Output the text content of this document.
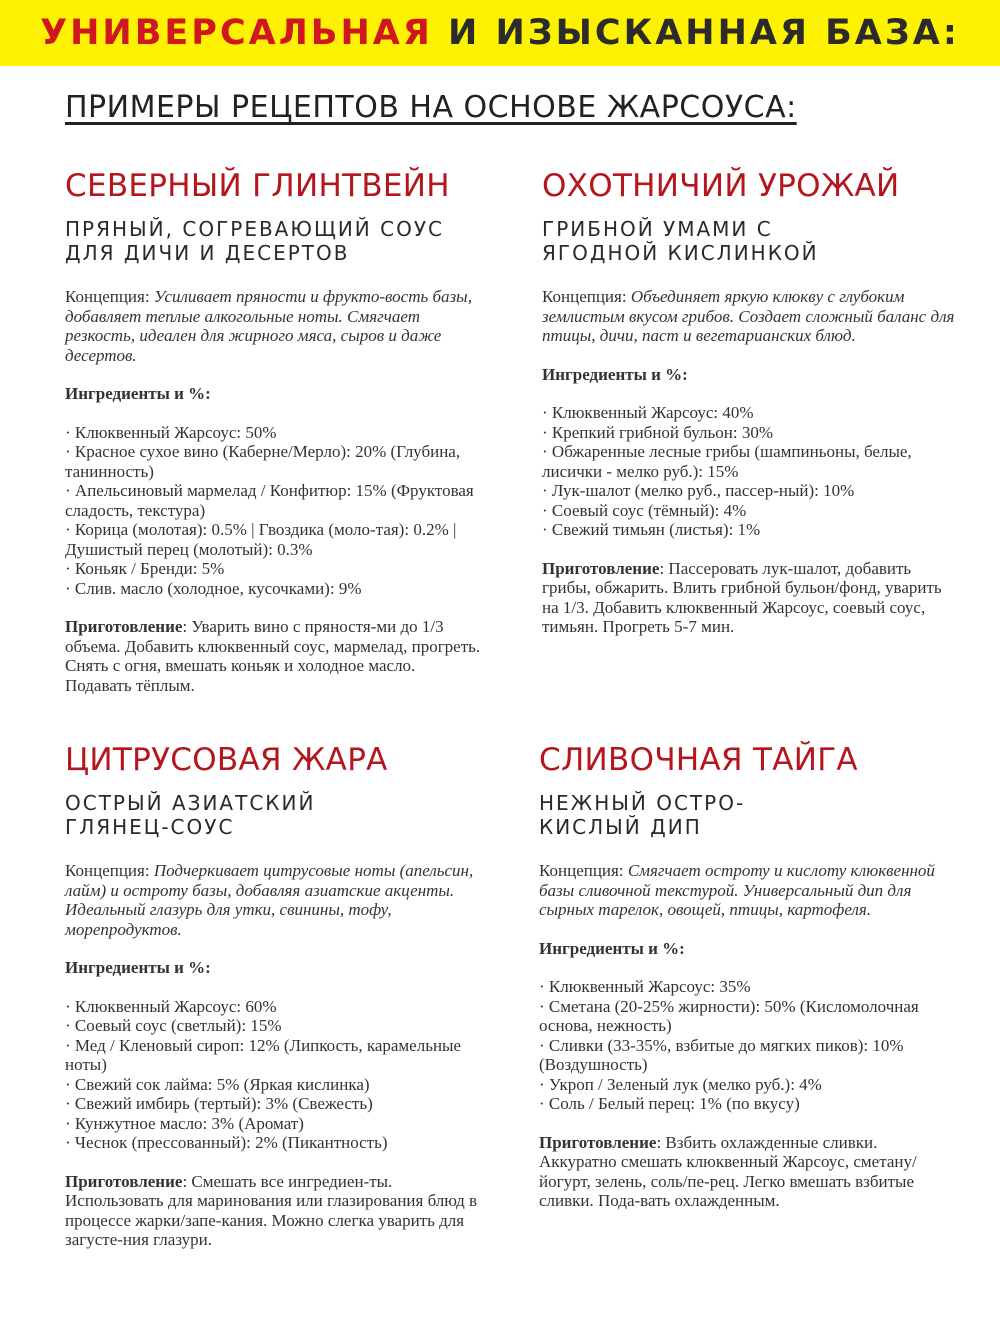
УНИВЕРСАЛЬНАЯ
И ИЗЫСКАННАЯ БАЗА:
ПРИМЕРЫ РЕЦЕПТОВ НА ОСНОВЕ ЖАРСОУСА:
СЕВЕРНЫЙ ГЛИНТВЕЙН
ПРЯНЫЙ, СОГРЕВАЮЩИЙ СОУС
ДЛЯ ДИЧИ И ДЕСЕРТОВ

Концепция: Усиливает пряности и фрукто-вость базы, добавляет теплые алкогольные ноты. Смягчает резкость, идеален для жирного мяса, сыров и даже десертов.

Ингредиенты и %:

· Клюквенный Жарсоус: 50%
· Красное сухое вино (Каберне/Мерло): 20% (Глубина, танинность)
· Апельсиновый мармелад / Конфитюр: 15% (Фруктовая сладость, текстура)
· Корица (молотая): 0.5% | Гвоздика (моло-тая): 0.2% | Душистый перец (молотый): 0.3%
· Коньяк / Бренди: 5%
· Слив. масло (холодное, кусочками): 9%

Приготовление: Уварить вино с пряностя-ми до 1/3 объема. Добавить клюквенный соус, мармелад, прогреть. Снять с огня, вмешать коньяк и холодное масло. Подавать тёплым.

ОХОТНИЧИЙ УРОЖАЙ
ГРИБНОЙ УМАМИ С
ЯГОДНОЙ КИСЛИНКОЙ

Концепция: Объединяет яркую клюкву с глубоким землистым вкусом грибов. Создает сложный баланс для птицы, дичи, паст и вегетарианских блюд.

Ингредиенты и %:

· Клюквенный Жарсоус: 40%
· Крепкий грибной бульон: 30%
· Обжаренные лесные грибы (шампиньоны, белые, лисички - мелко руб.): 15%
· Лук-шалот (мелко руб., пассер-ный): 10%
· Соевый соус (тёмный): 4%
· Свежий тимьян (листья): 1%

Приготовление: Пассеровать лук-шалот, добавить грибы, обжарить. Влить грибной бульон/фонд, уварить на 1/3. Добавить клюквенный Жарсоус, соевый соус, тимьян. Прогреть 5-7 мин.

ЦИТРУСОВАЯ ЖАРА
ОСТРЫЙ АЗИАТСКИЙ
ГЛЯНЕЦ-СОУС

Концепция: Подчеркивает цитрусовые ноты (апельсин, лайм) и остроту базы, добавляя азиатские акценты. Идеальный глазурь для утки, свинины, тофу, морепродуктов.

Ингредиенты и %:

· Клюквенный Жарсоус: 60%
· Соевый соус (светлый): 15%
· Мед / Кленовый сироп: 12% (Липкость, карамельные ноты)
· Свежий сок лайма: 5% (Яркая кислинка)
· Свежий имбирь (тертый): 3% (Свежесть)
· Кунжутное масло: 3% (Аромат)
· Чеснок (прессованный): 2% (Пикантность)

Приготовление: Смешать все ингредиен-ты. Использовать для маринования или глазирования блюд в процессе жарки/запе-кания. Можно слегка уварить для загусте-ния глазури.

СЛИВОЧНАЯ ТАЙГА
НЕЖНЫЙ ОСТРО-
КИСЛЫЙ ДИП

Концепция: Смягчает остроту и кислоту клюквенной базы сливочной текстурой. Универсальный дип для сырных тарелок, овощей, птицы, картофеля.

Ингредиенты и %:

· Клюквенный Жарсоус: 35%
· Сметана (20-25% жирности): 50% (Кисломолочная основа, нежность)
· Сливки (33-35%, взбитые до мягких пиков): 10% (Воздушность)
· Укроп / Зеленый лук (мелко руб.): 4%
· Соль / Белый перец: 1% (по вкусу)

Приготовление: Взбить охлажденные сливки. Аккуратно смешать клюквенный Жарсоус, сметану/йогурт, зелень, соль/пе-рец. Легко вмешать взбитые сливки. Пода-вать охлажденным.
